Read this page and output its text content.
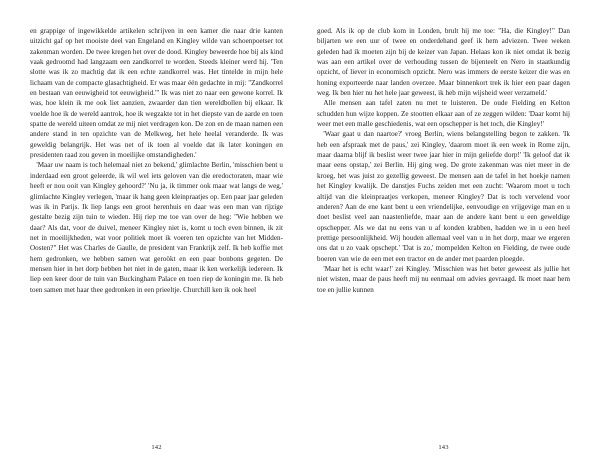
en grappige of ingewikkelde artikelen schrijven in een kamer die naar drie kanten uitzicht gaf op het mooiste deel van Engeland en Kingley wilde van schoenpoetser tot zakenman worden. De twee kregen het over de dood. Kingley beweerde hoe bij als kind vaak gedroomd had langzaam een zandkorrel te worden. Steeds kleiner werd hij. 'Ten slotte was ik zo machtig dat ik een echte zandkorrel was. Het tintelde in mijn hele lichaam van de compacte glasachtigheid. Er was maar één gedachte in mij: "Zandkorrel en bestaan van eeuwigheid tot eeuwigheid."' Ik was niet zo naar een gewone korrel. Ik was, hoe klein ik me ook liet aanzien, zwaarder dan tien wereldbollen bij elkaar. Ik voelde hoe ik de wereld aantrok, hoe ik wegzakte tot in het diepste van de aarde en toen spatte de wereld uiteen omdat ze mij niet verdragen kon. De zon en de maan namen een andere stand in ten opzichte van de Melkweg, het hele heelal veranderde. Ik was geweldig belangrijk. Het was net of ik toen al voelde dat ik later koningen en presidenten raad zou geven in moeilijke omstandigheden.'

'Maar uw naam is toch helemaal niet zo bekend,' glimlachte Berlin, 'misschien bent u inderdaad een groot geleerde, ik wil wel iets geloven van die eredoctoraten, maar wie heeft er nou ooit van Kingley gehoord?' 'Nu ja, ik timmer ook maar wat langs de weg,' glimlachte Kingley verlegen, 'maar ik hang geen kleinpraatjes op. Een paar jaar geleden was ik in Parijs. Ik liep langs een groot herenhuis en daar was een man van rijzige gestalte bezig zijn tuin te wieden. Hij riep me toe van over de heg: "Wie hebben we daar? Als dat, voor de duivel, meneer Kingley niet is, komt u toch even binnen, ik zit net in moeilijkheden, wat voor politiek moet ik voeren ten opzichte van het Midden-Oosten?" Het was Charles de Gaulle, de president van Frankrijk zelf. Ik heb koffie met hem gedronken, we hebben samen wat geroökt en een paar bonbons gegeten. De mensen hier in het dorp hebben het niet in de gaten, maar ik ken werkelijk iedereen. Ik liep een keer door de tuin van Buckingham Palace en toen riep de koningin me. Ik heb toen samen met haar thee gedronken in een prieeltje. Churchill ken ik ook heel

142

goed. Als ik op de club kom in Londen, brult hij me toe: "Ha, die Kingley!" Dan biljarten we een uur of twee en onderdehand geef ik hem adviezen. Twee weken geleden had ik moeten zijn bij de keizer van Japan. Helaas kon ik niet omdat ik bezig was aan een artikel over de verhouding tussen de bijenteelt en Nero in staatkundig opzicht, of liever in economisch opzicht. Nero was immers de eerste keizer die was en honing exporteerde naar landen overzee. Maar binnenkort trek ik hier een paar dagen weg. Ik ben hier nu het hele jaar geweest, ik heb mijn wijsheid weer verzameld.'

Alle mensen aan tafel zaten nu met te luisteren. De oude Fielding en Kelton schudden hun wijze koppen. Ze stootten elkaar aan of ze zeggen wilden: 'Daar komt hij weer met een malle geschiedenis, wat een opschepper is het toch, die Kingley!'

'Waar gaat u dan naartoe?' vroeg Berlin, wiens belangstelling begon te zakken. 'Ik heb een afspraak met de paus,' zei Kingley, 'daarom moet ik een week in Rome zijn, maar daarna blijf ik beslist weer twee jaar hier in mijn geliefde dorp!' 'Ik geloof dat ik maar eens opstap,' zei Berlin. Hij ging weg. De grote zakenman was niet meer in de kroeg, het was juist zo gezellig geweest. De mensen aan de tafel in het hoekje namen het Kingley kwalijk. De danstjes Fuchs zeiden met een zucht: 'Waarom moet u toch altijd van die kleinpraatjes verkopen, meneer Kingley? Dat is toch vervelend voor anderen? Aan de ene kant bent u een vriendelijke, eenvoudige en vrijgevige man en u doet beslist veel aan naastenliefde, maar aan de andere kant bent u een geweldige opschepper. Als we dat nu eens van u af konden krabben, hadden we in u een heel prettige persoonlijkheid. Wij houden allemaal veel van u in het dorp, maar we ergeren ons dat u zo vaak opschept.' 'Dat is zo,' mompelden Kelton en Fielding, de twee oude boeren van wie de een met een tractor en de ander met paarden ploegde.

'Maar het is echt waar!' zei Kingley. 'Misschien was het beter geweest als jullie het niet wisten, maar de paus heeft mij nu eenmaal om advies gevraagd. Ik moet naar hem toe en jullie kunnen

143
